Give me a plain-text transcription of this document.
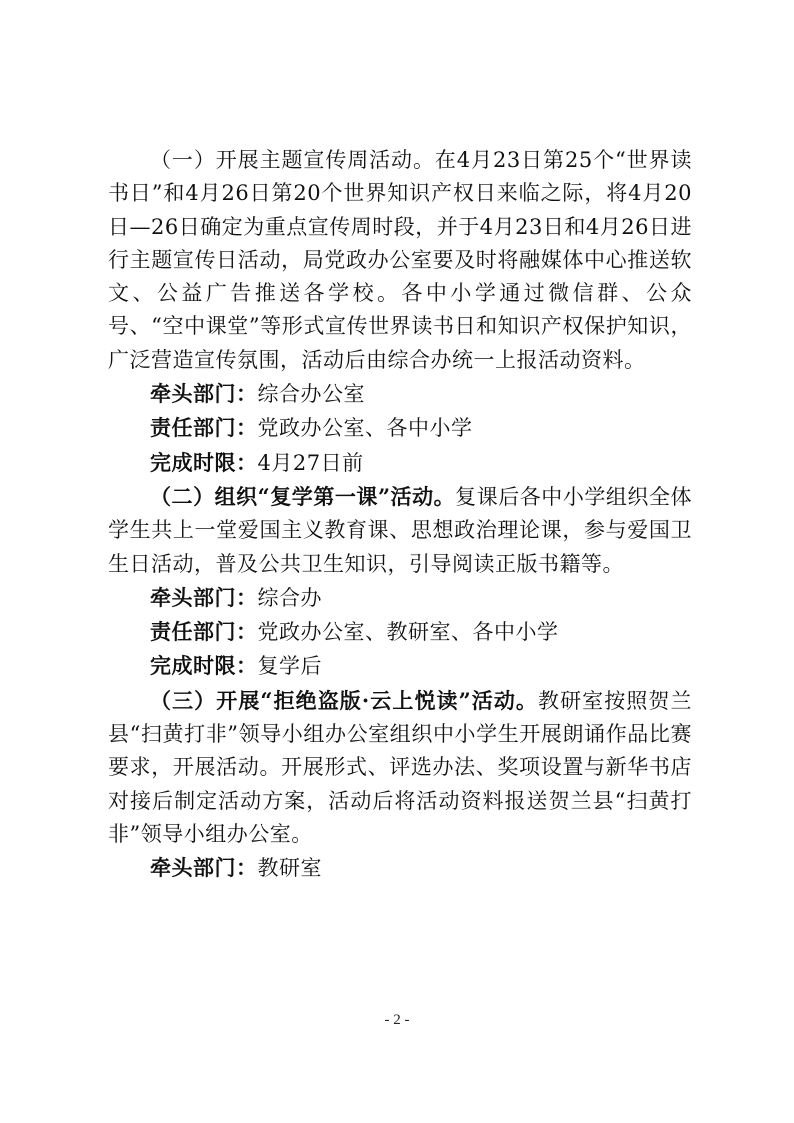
（一）开展主题宣传周活动。在4月23日第25个“世界读书日”和4月26日第20个世界知识产权日来临之际，将4月20日—26日确定为重点宣传周时段，并于4月23日和4月26日进行主题宣传日活动，局党政办公室要及时将融媒体中心推送软文、公益广告推送各学校。各中小学通过微信群、公众号、“空中课堂”等形式宣传世界读书日和知识产权保护知识，广泛营造宣传氛围，活动后由综合办统一上报活动资料。

牵头部门：综合办公室

责任部门：党政办公室、各中小学

完成时限：4月27日前

（二）组织“复学第一课”活动。复课后各中小学组织全体学生共上一堂爱国主义教育课、思想政治理论课，参与爱国卫生日活动，普及公共卫生知识，引导阅读正版书籍等。

牵头部门：综合办

责任部门：党政办公室、教研室、各中小学

完成时限：复学后

（三）开展“拒绝盗版·云上悦读”活动。教研室按照贺兰县“扫黄打非”领导小组办公室组织中小学生开展朗诵作品比赛要求，开展活动。开展形式、评选办法、奖项设置与新华书店对接后制定活动方案，活动后将活动资料报送贺兰县“扫黄打非”领导小组办公室。

牵头部门：教研室

- 2 -
